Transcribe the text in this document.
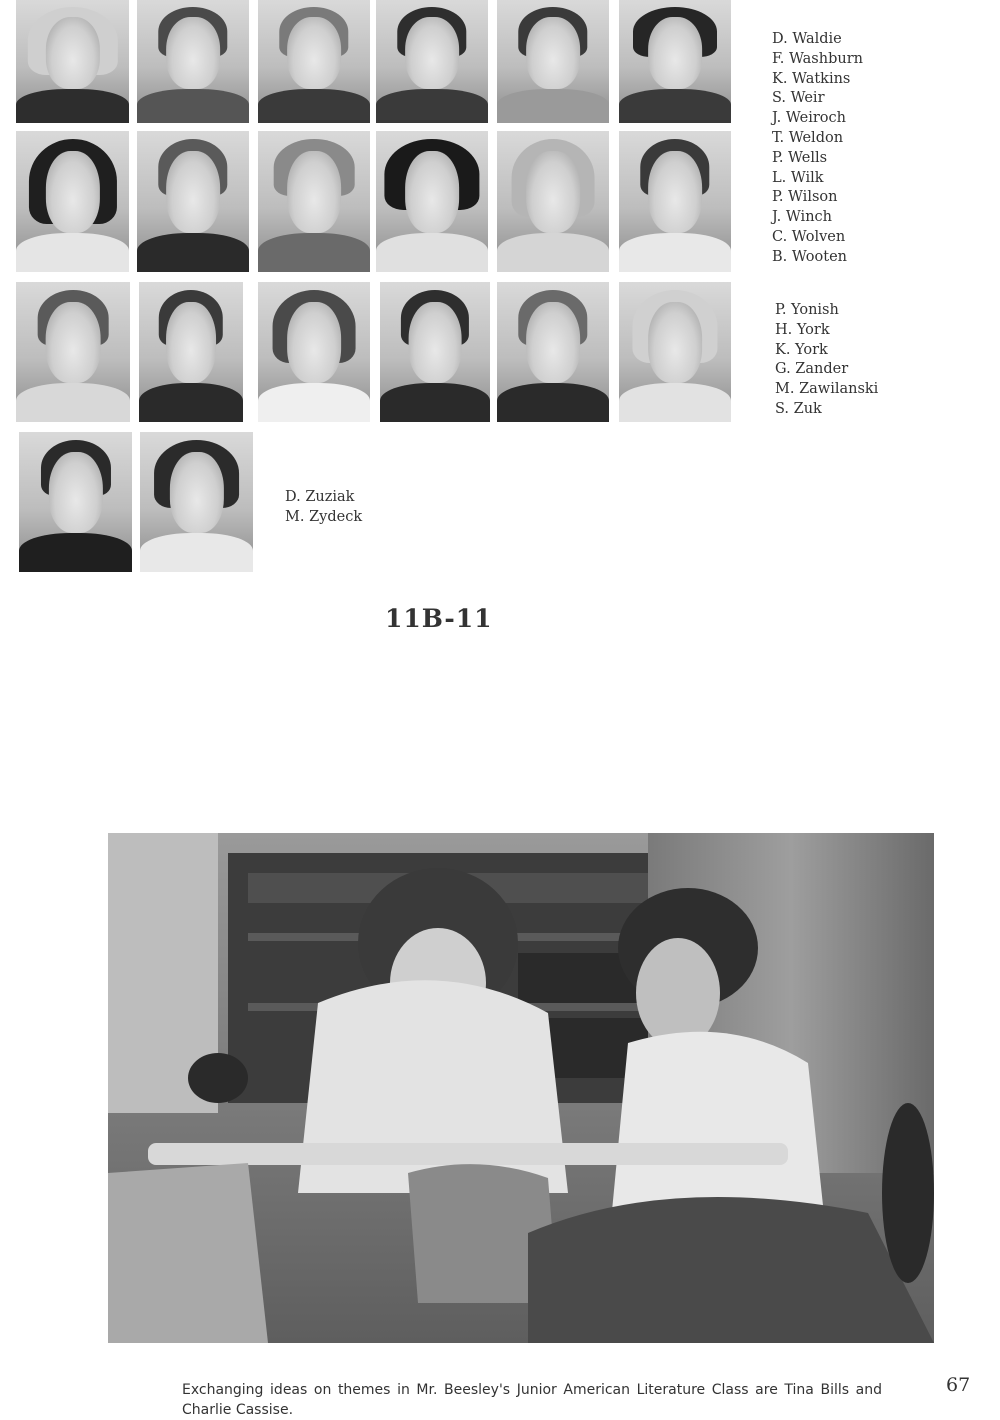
D. Waldie
F. Washburn
K. Watkins
S. Weir
J. Weiroch
T. Weldon
P. Wells
L. Wilk
P. Wilson
J. Winch
C. Wolven
B. Wooten
P. Yonish
H. York
K. York
G. Zander
M. Zawilanski
S. Zuk
D. Zuziak
M. Zydeck
11B-11
Exchanging ideas on themes in Mr. Beesley's Junior American Literature Class are Tina Bills and Charlie Cassise.
67
